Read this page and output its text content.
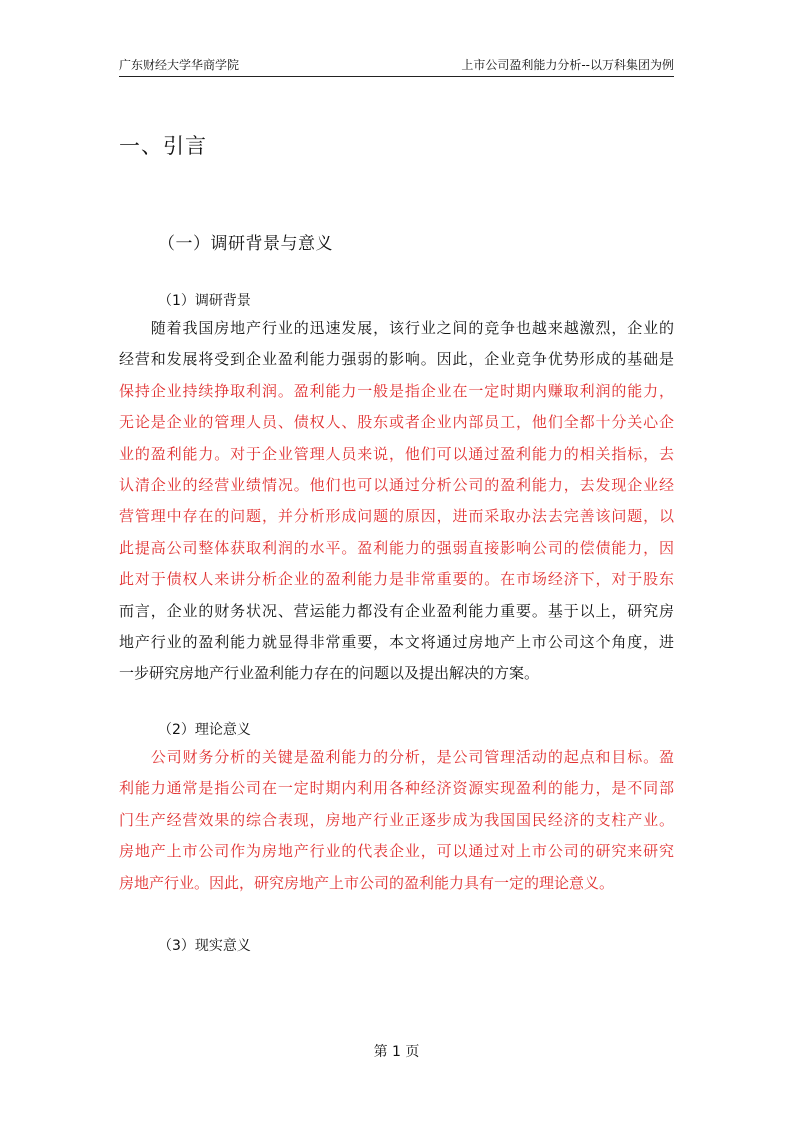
广东财经大学华商学院	上市公司盈利能力分析--以万科集团为例
一、引言
（一）调研背景与意义
（1）调研背景
　　随着我国房地产行业的迅速发展，该行业之间的竞争也越来越激烈，企业的
经营和发展将受到企业盈利能力强弱的影响。因此，企业竞争优势形成的基础是
保持企业持续挣取利润。盈利能力一般是指企业在一定时期内赚取利润的能力，
无论是企业的管理人员、债权人、股东或者企业内部员工，他们全都十分关心企
业的盈利能力。对于企业管理人员来说，他们可以通过盈利能力的相关指标，去
认清企业的经营业绩情况。他们也可以通过分析公司的盈利能力，去发现企业经
营管理中存在的问题，并分析形成问题的原因，进而采取办法去完善该问题，以
此提高公司整体获取利润的水平。盈利能力的强弱直接影响公司的偿债能力，因
此对于债权人来讲分析企业的盈利能力是非常重要的。在市场经济下，对于股东
而言，企业的财务状况、营运能力都没有企业盈利能力重要。基于以上，研究房
地产行业的盈利能力就显得非常重要，本文将通过房地产上市公司这个角度，进
一步研究房地产行业盈利能力存在的问题以及提出解决的方案。
（2）理论意义
　　公司财务分析的关键是盈利能力的分析，是公司管理活动的起点和目标。盈
利能力通常是指公司在一定时期内利用各种经济资源实现盈利的能力，是不同部
门生产经营效果的综合表现，房地产行业正逐步成为我国国民经济的支柱产业。
房地产上市公司作为房地产行业的代表企业，可以通过对上市公司的研究来研究
房地产行业。因此，研究房地产上市公司的盈利能力具有一定的理论意义。
（3）现实意义
第 1 页
